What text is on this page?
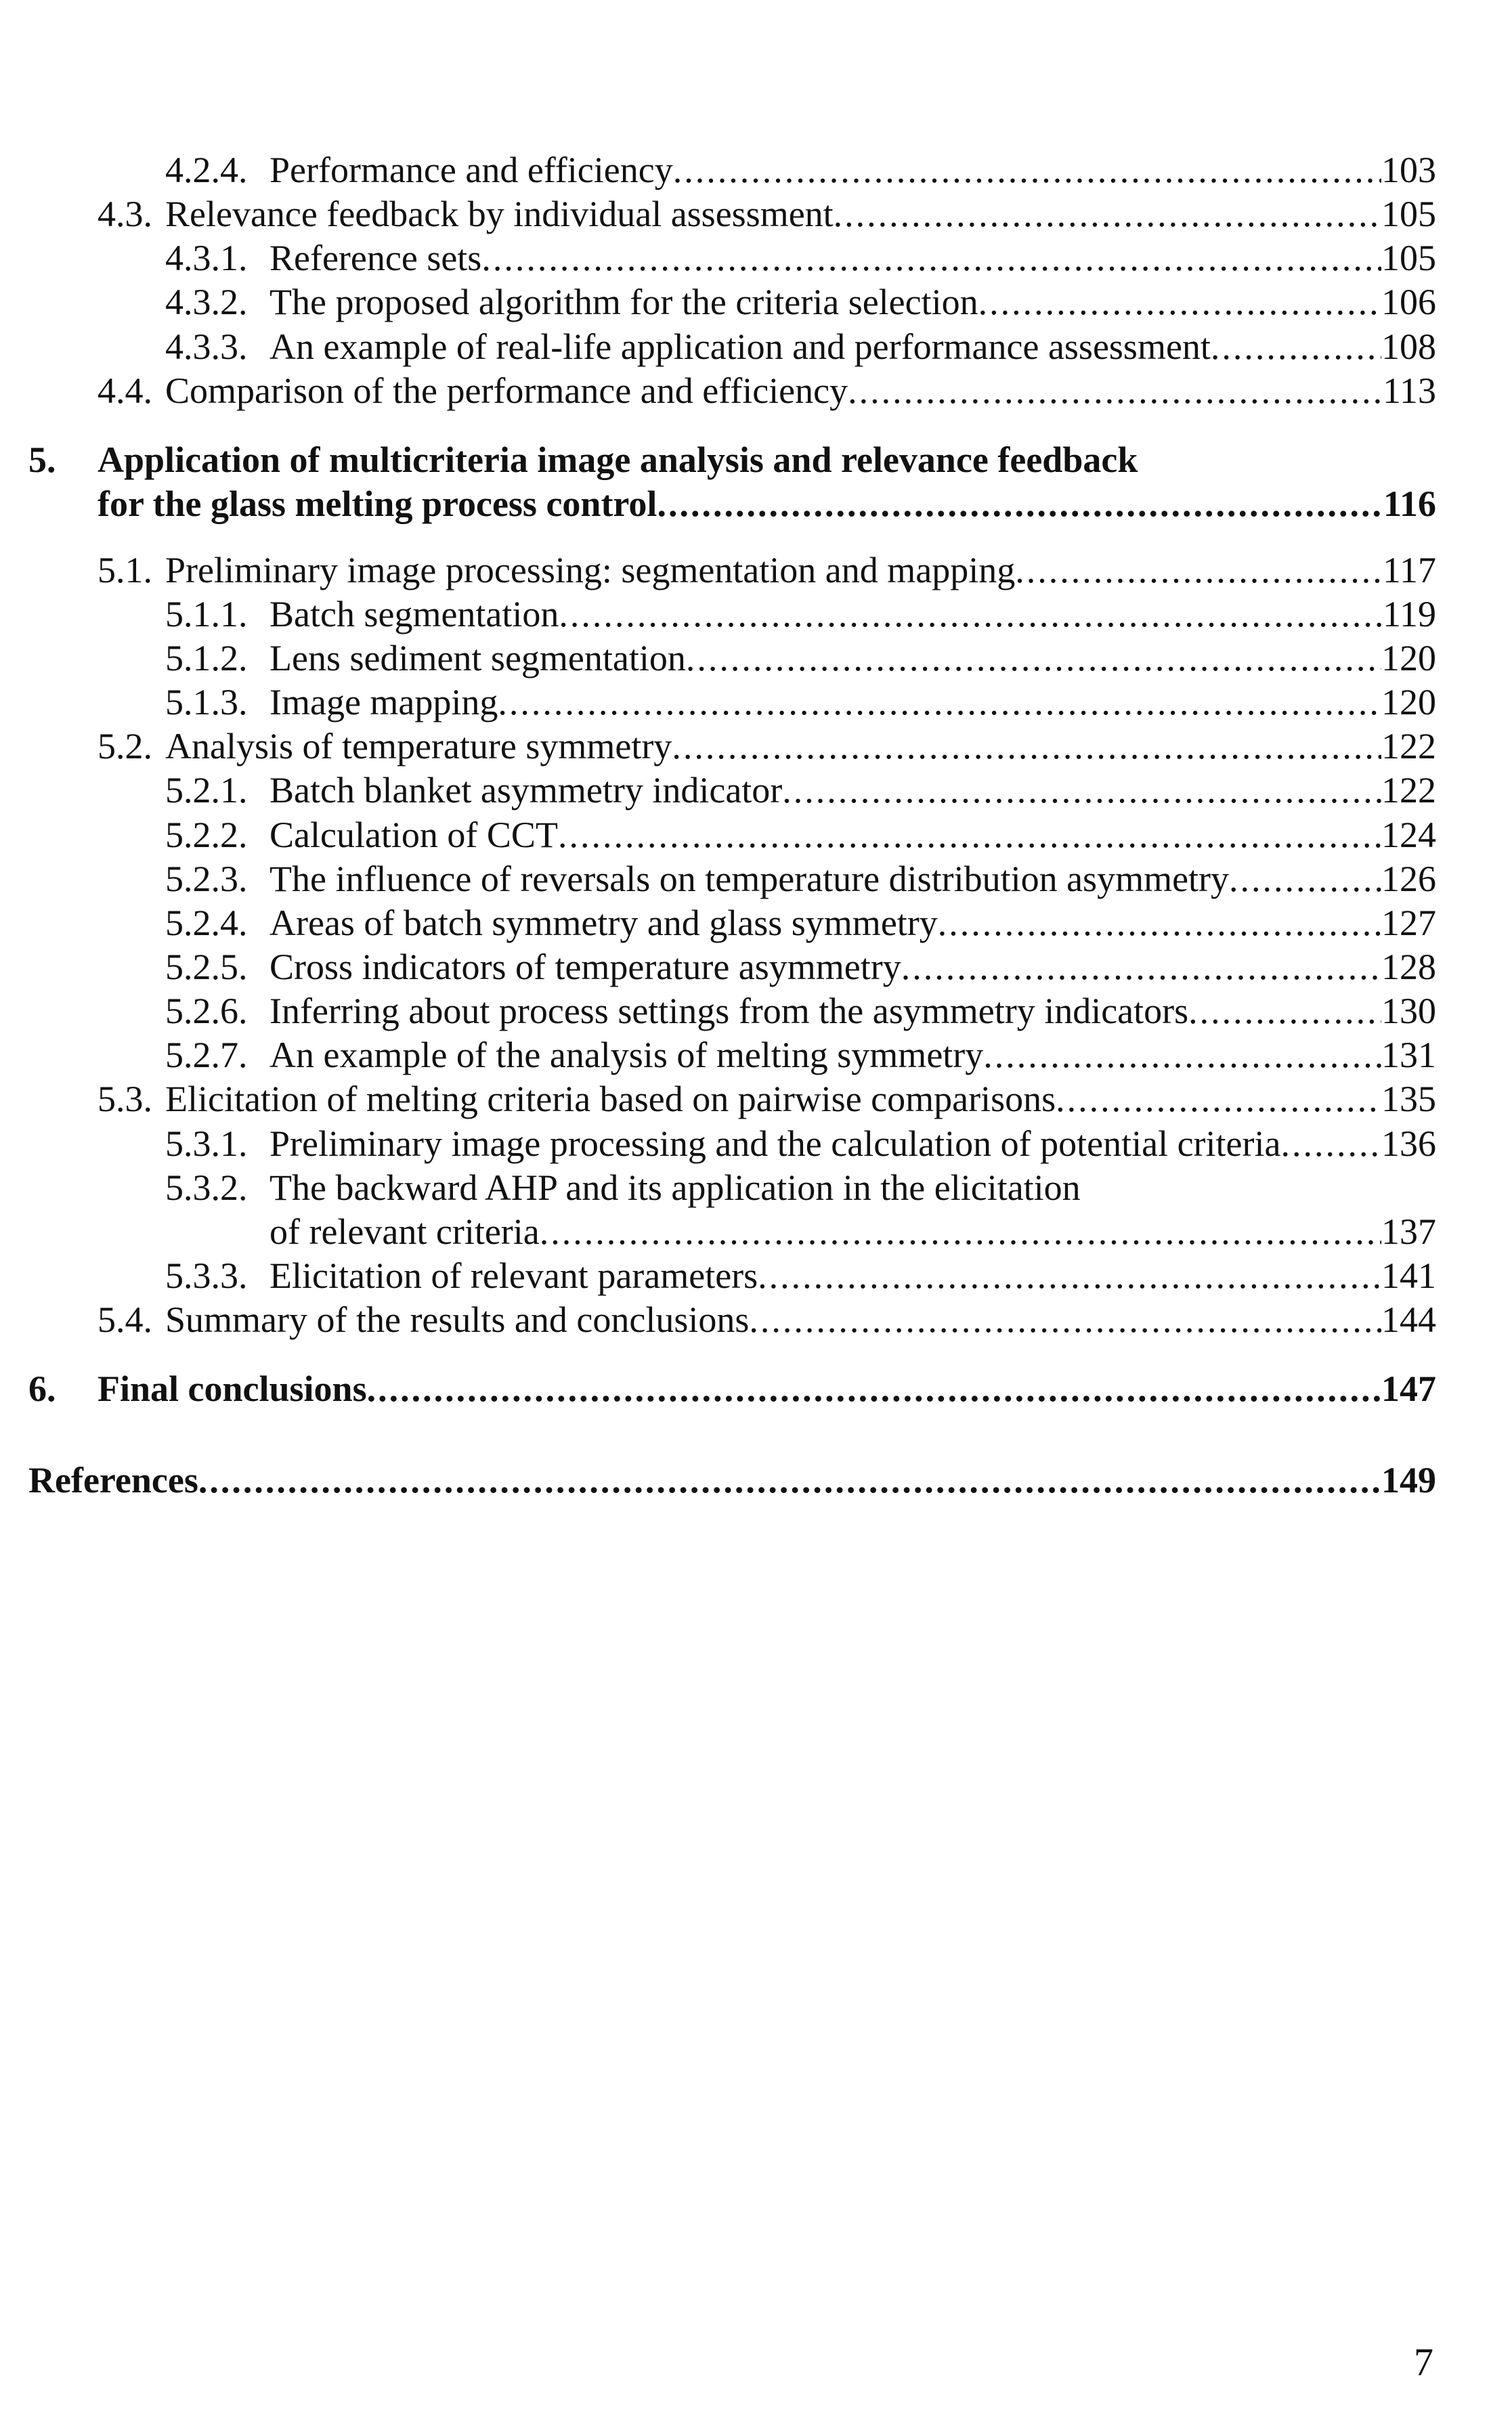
4.2.4. Performance and efficiency .....	103
4.3. Relevance feedback by individual assessment .....	105
4.3.1. Reference sets .....	105
4.3.2. The proposed algorithm for the criteria selection .....	106
4.3.3. An example of real-life application and performance assessment .....	108
4.4. Comparison of the performance and efficiency .....	113
5. Application of multicriteria image analysis and relevance feedback
for the glass melting process control .....	116
5.1. Preliminary image processing: segmentation and mapping .....	117
5.1.1. Batch segmentation .....	119
5.1.2. Lens sediment segmentation .....	120
5.1.3. Image mapping .....	120
5.2. Analysis of temperature symmetry .....	122
5.2.1. Batch blanket asymmetry indicator .....	122
5.2.2. Calculation of CCT .....	124
5.2.3. The influence of reversals on temperature distribution asymmetry .....	126
5.2.4. Areas of batch symmetry and glass symmetry .....	127
5.2.5. Cross indicators of temperature asymmetry .....	128
5.2.6. Inferring about process settings from the asymmetry indicators .....	130
5.2.7. An example of the analysis of melting symmetry .....	131
5.3. Elicitation of melting criteria based on pairwise comparisons .....	135
5.3.1. Preliminary image processing and the calculation of potential criteria .....	136
5.3.2. The backward AHP and its application in the elicitation
of relevant criteria .....	137
5.3.3. Elicitation of relevant parameters .....	141
5.4. Summary of the results and conclusions .....	144
6. Final conclusions .....	147
References .....	149
7
